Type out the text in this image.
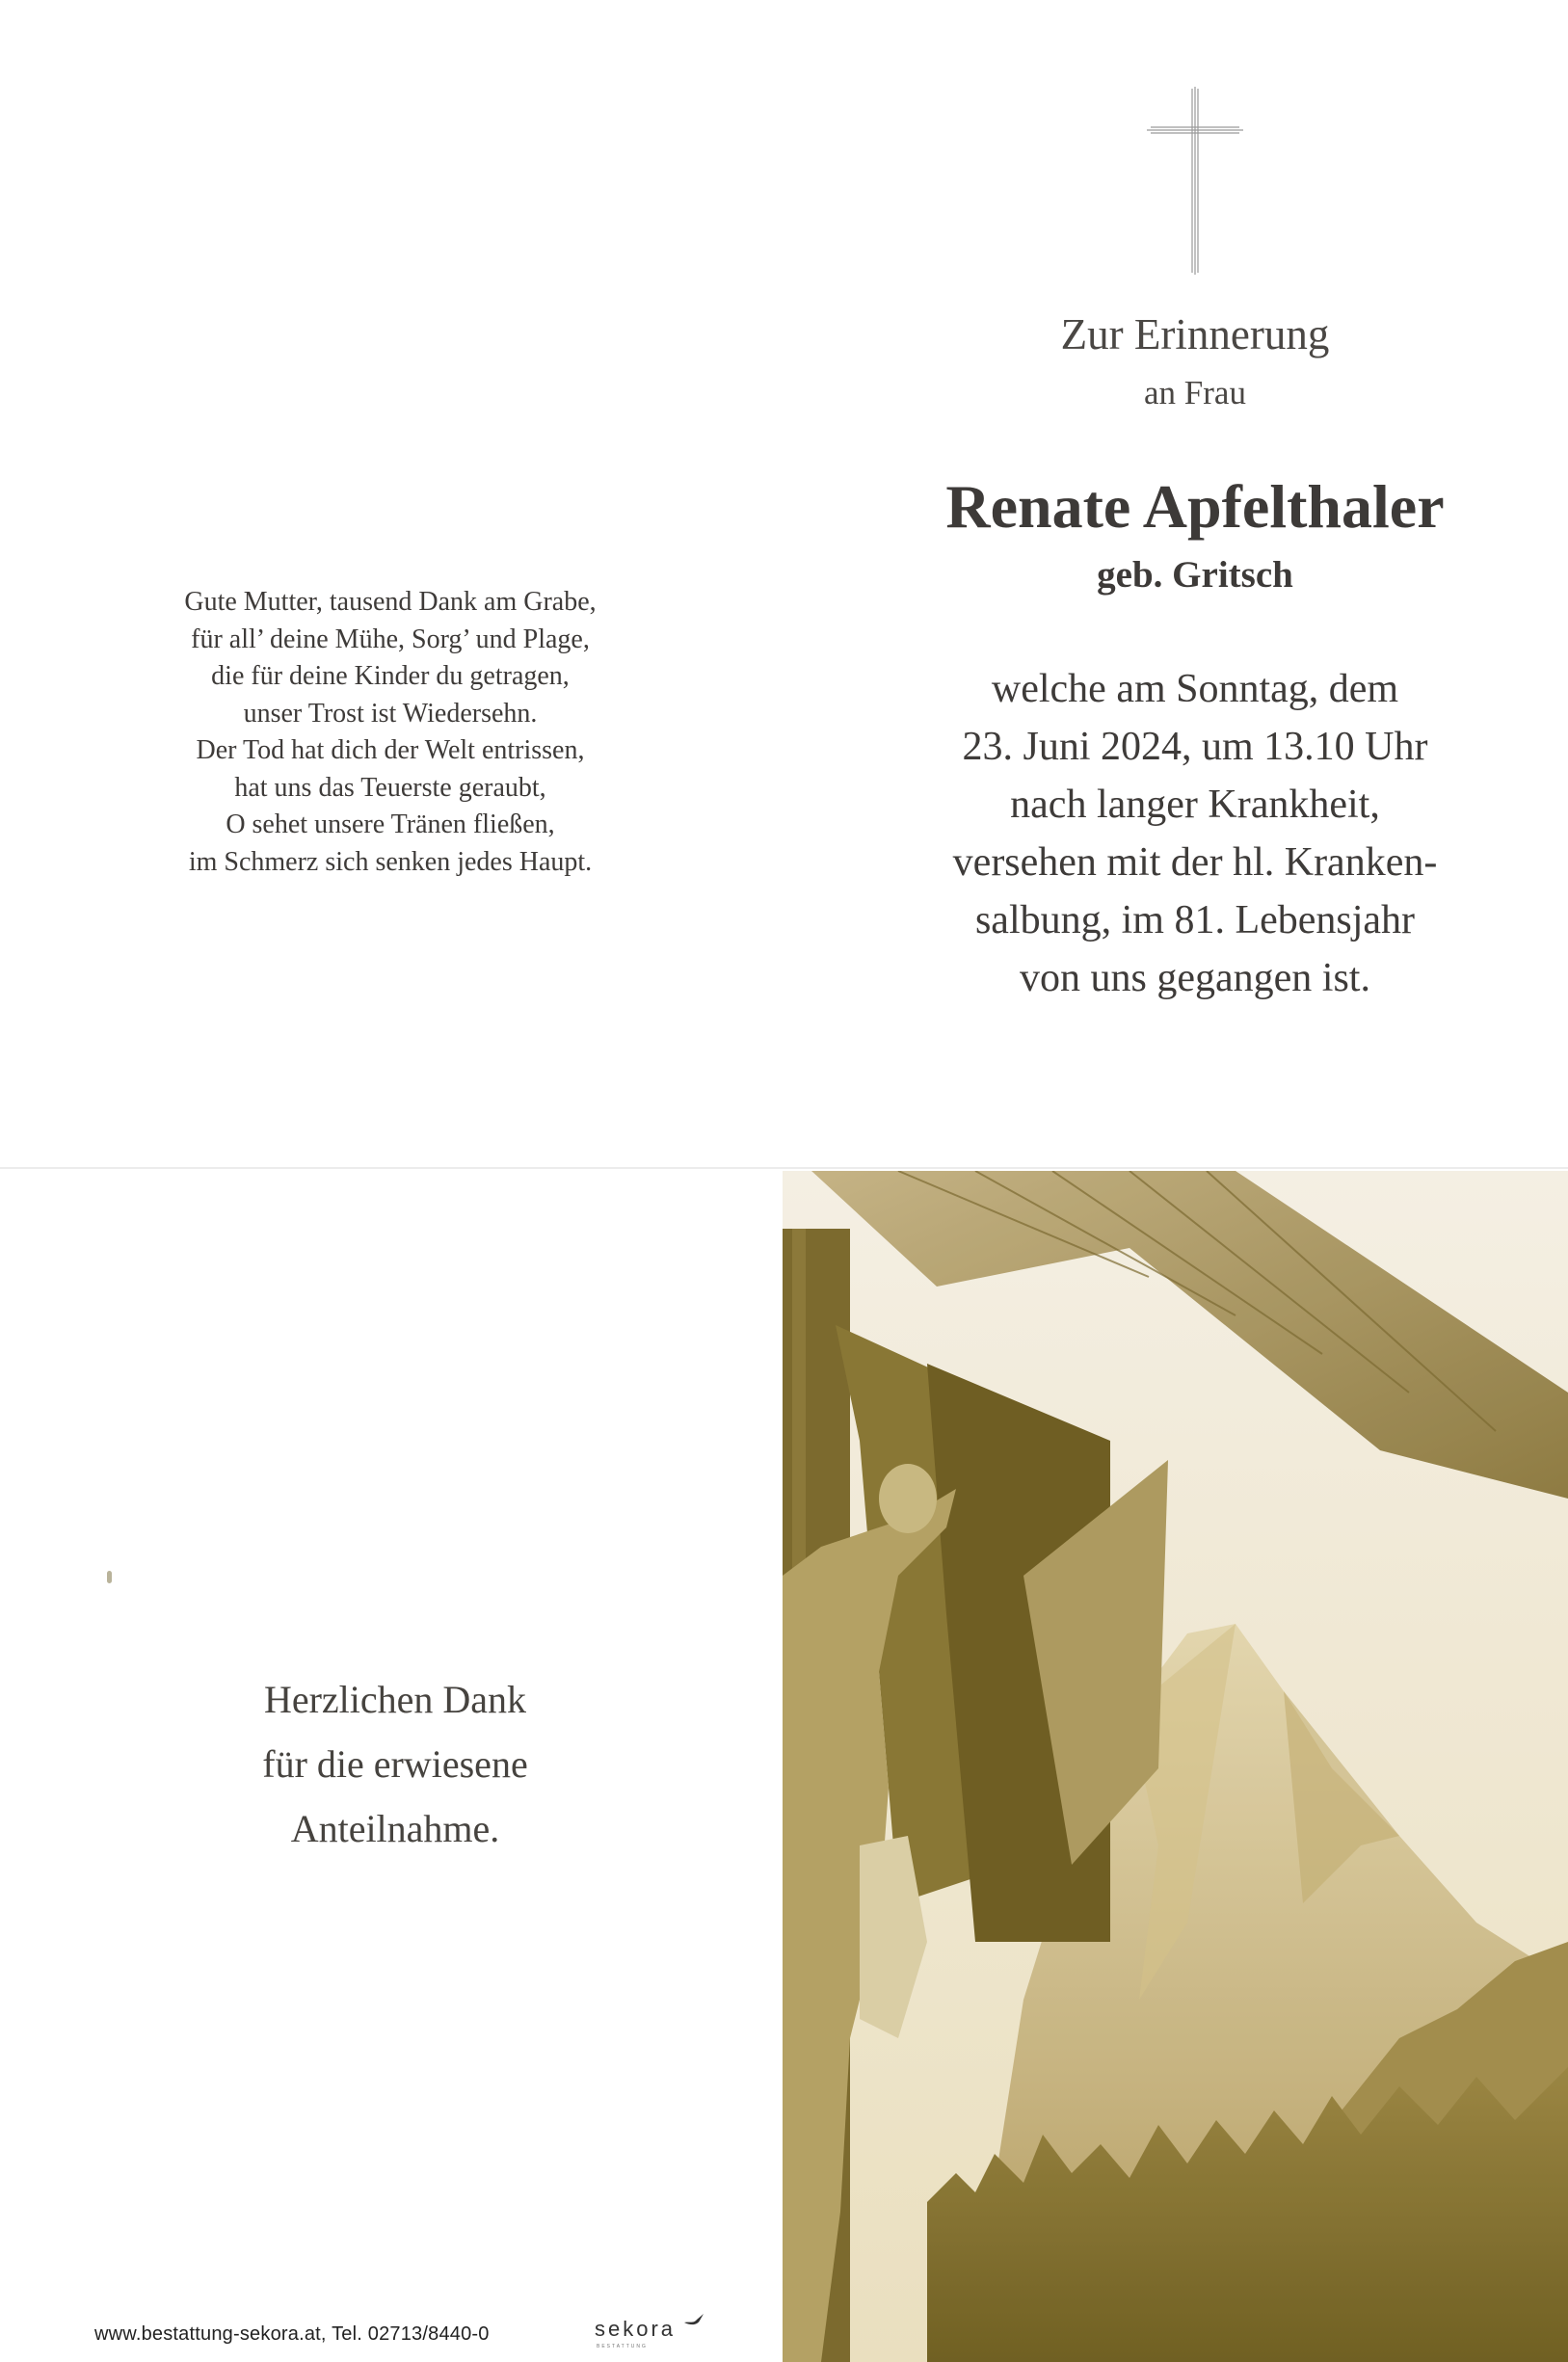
Zur Erinnerung
an Frau
Renate Apfelthaler
geb. Gritsch
welche am Sonntag, dem
23. Juni 2024, um 13.10 Uhr
nach langer Krankheit,
versehen mit der hl. Kranken-
salbung, im 81. Lebensjahr
von uns gegangen ist.
Gute Mutter, tausend Dank am Grabe,
für all’ deine Mühe, Sorg’ und Plage,
die für deine Kinder du getragen,
unser Trost ist Wiedersehn.
Der Tod hat dich der Welt entrissen,
hat uns das Teuerste geraubt,
O sehet unsere Tränen fließen,
im Schmerz sich senken jedes Haupt.
Herzlichen Dank
für die erwiesene
Anteilnahme.
www.bestattung-sekora.at, Tel. 02713/8440-0	sekora
BESTATTUNG
